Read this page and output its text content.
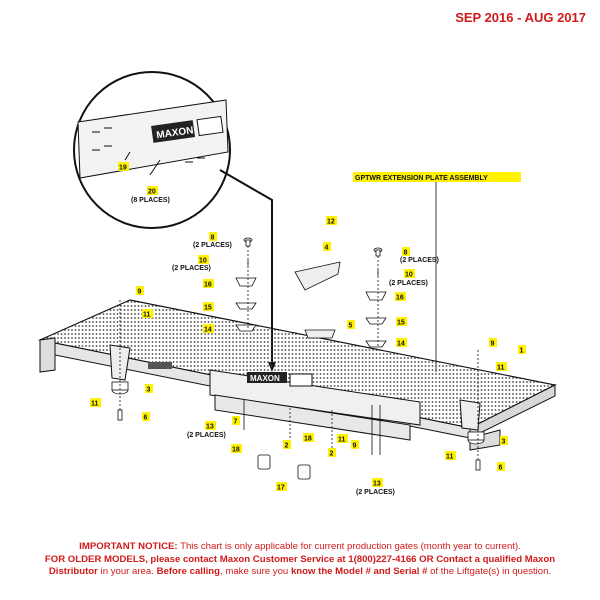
SEP 2016 - AUG 2017
MAXON
MAXON
GPTWR EXTENSION PLATE ASSEMBLY
19
20
12
4
8
10
16
15
14
9
11
3
11
6
5
8
10
16
15
14	9
11
1
7
13
2
18
17
18
2
11
9
13
3
11
6
(8 PLACES)
(2 PLACES)
(2 PLACES)
(2 PLACES)
(2 PLACES)
(2 PLACES)
(2 PLACES)
IMPORTANT NOTICE: This chart is only applicable for current production gates (month year to current).
FOR OLDER MODELS, please contact Maxon Customer Service at 1(800)227-4166 OR Contact a qualified Maxon Distributor in your area. Before calling, make sure you know the Model # and Serial # of the Liftgate(s) in question.
